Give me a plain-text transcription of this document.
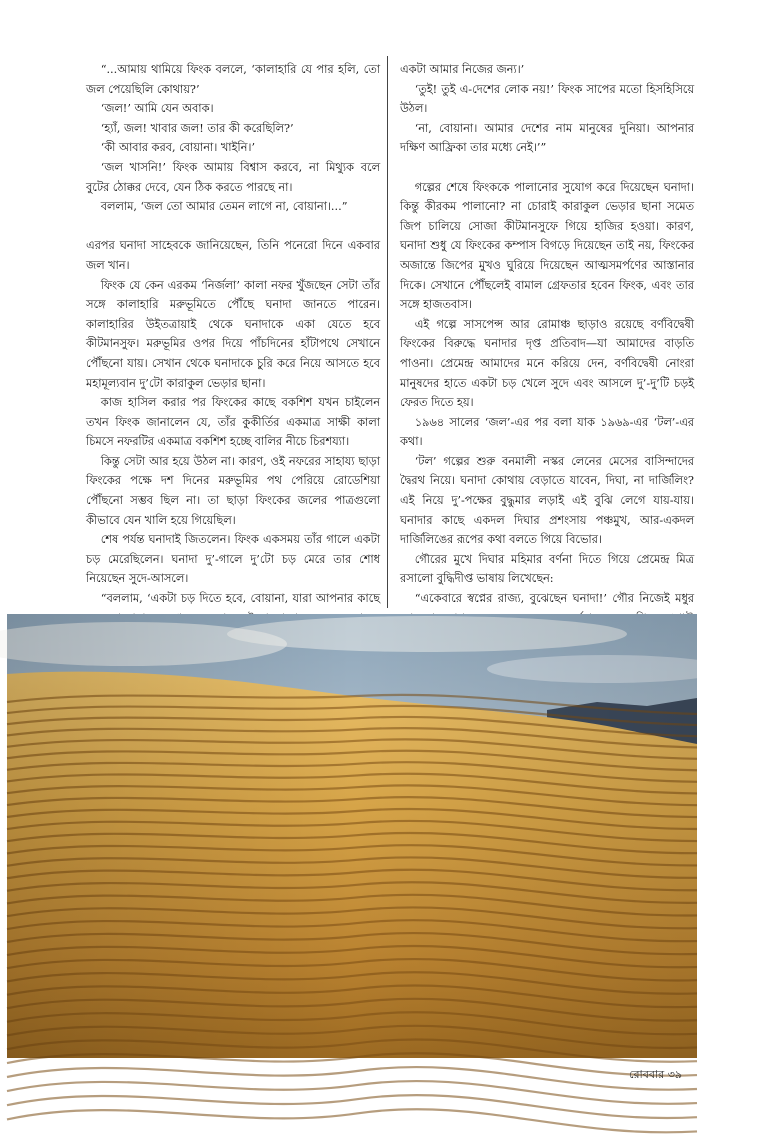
“...আমায় থামিয়ে ফিংক বললে, ‘কালাহারি যে পার হলি, তো জল পেয়েছিলি কোথায়?’

‘জল!’ আমি যেন অবাক।

‘হ্যাঁ, জল! খাবার জল! তার কী করেছিলি?’

‘কী আবার করব, বোয়ানা। খাইনি।’

‘জল খাসনি!’ ফিংক আমায় বিশ্বাস করবে, না মিথ্যুক বলে বুটের ঠোক্কর দেবে, যেন ঠিক করতে পারছে না।

বললাম, ‘জল তো আমার তেমন লাগে না, বোয়ানা।...”

এরপর ঘনাদা সাহেবকে জানিয়েছেন, তিনি পনেরো দিনে একবার জল খান।

ফিংক যে কেন এরকম ‘নির্জলা’ কালা নফর খুঁজছেন সেটা তাঁর সঙ্গে কালাহারি মরুভূমিতে পৌঁছে ঘনাদা জানতে পারেন। কালাহারির উইতত্রায়াই থেকে ঘনাদাকে একা যেতে হবে কীটমানসুফ। মরুভূমির ওপর দিয়ে পাঁচদিনের হাঁটাপথে সেখানে পৌঁছনো যায়। সেখান থেকে ঘনাদাকে চুরি করে নিয়ে আসতে হবে মহামূল্যবান দু’টো কারাকুল ভেড়ার ছানা।

কাজ হাসিল করার পর ফিংকের কাছে বকশিশ যখন চাইলেন তখন ফিংক জানালেন যে, তাঁর কুকীর্তির একমাত্র সাক্ষী কালা চিমসে নফরটির একমাত্র বকশিশ হচ্ছে বালির নীচে চিরশয্যা।

কিন্তু সেটা আর হয়ে উঠল না। কারণ, ওই নফরের সাহায্য ছাড়া ফিংকের পক্ষে দশ দিনের মরুভূমির পথ পেরিয়ে রোডেশিয়া পৌঁছনো সম্ভব ছিল না। তা ছাড়া ফিংকের জলের পাত্রগুলো কীভাবে যেন খালি হয়ে গিয়েছিল।

শেষ পর্যন্ত ঘনাদাই জিতলেন। ফিংক একসময় তাঁর গালে একটা চড় মেরেছিলেন। ঘনাদা দু’-গালে দু’টো চড় মেরে তার শোধ নিয়েছেন সুদে-আসলে।

“বললাম, ‘একটা চড় দিতে হবে, বোয়ানা, যারা আপনার কাছে

একটা আমার নিজের জন্য।’

‘তুই! তুই এ-দেশের লোক নয়!’ ফিংক সাপের মতো হিসহিসিয়ে উঠল।

‘না, বোয়ানা। আমার দেশের নাম মানুষের দুনিয়া। আপনার দক্ষিণ আফ্রিকা তার মধ্যে নেই।’”

গল্পের শেষে ফিংককে পালানোর সুযোগ করে দিয়েছেন ঘনাদা। কিন্তু কীরকম পালানো? না চোরাই কারাকুল ভেড়ার ছানা সমেত জিপ চালিয়ে সোজা কীটমানসুফে গিয়ে হাজির হওয়া। কারণ, ঘনাদা শুধু যে ফিংকের কম্পাস বিগড়ে দিয়েছেন তাই নয়, ফিংকের অজান্তে জিপের মুখও ঘুরিয়ে দিয়েছেন আত্মসমর্পণের আস্তানার দিকে। সেখানে পৌঁছলেই বামাল গ্রেফতার হবেন ফিংক, এবং তার সঙ্গে হাজতবাস।

এই গল্পে সাসপেন্স আর রোমাঞ্চ ছাড়াও রয়েছে বর্ণবিদ্বেষী ফিংকের বিরুদ্ধে ঘনাদার দৃপ্ত প্রতিবাদ—যা আমাদের বাড়তি পাওনা। প্রেমেন্দ্র আমাদের মনে করিয়ে দেন, বর্ণবিদ্বেষী নোংরা মানুষদের হাতে একটা চড় খেলে সুদে এবং আসলে দু’-দু’টি চড়ই ফেরত দিতে হয়।

১৯৬৪ সালের ‘জল’-এর পর বলা যাক ১৯৬৯-এর ‘টল’-এর কথা।

‘টল’ গল্পের শুরু বনমালী নস্কর লেনের মেসের বাসিন্দাদের দ্বৈরথ নিয়ে। ঘনাদা কোথায় বেড়াতে যাবেন, দিঘা, না দার্জিলিং? এই নিয়ে দু’-পক্ষের বুদ্ধুমার লড়াই এই বুঝি লেগে যায়-যায়। ঘনাদার কাছে একদল দিঘার প্রশংসায় পঞ্চমুখ, আর-একদল দার্জিলিঙের রূপের কথা বলতে গিয়ে বিভোর।

গৌরের মুখে দিঘার মহিমার বর্ণনা দিতে গিয়ে প্রেমেন্দ্র মিত্র রসালো বুদ্ধিদীপ্ত ভাষায় লিখেছেন:

“একেবারে স্বপ্নের রাজ্য, বুঝেছেন ঘনাদা!’ গৌর নিজেই মধুর

রোববার ৩৯
